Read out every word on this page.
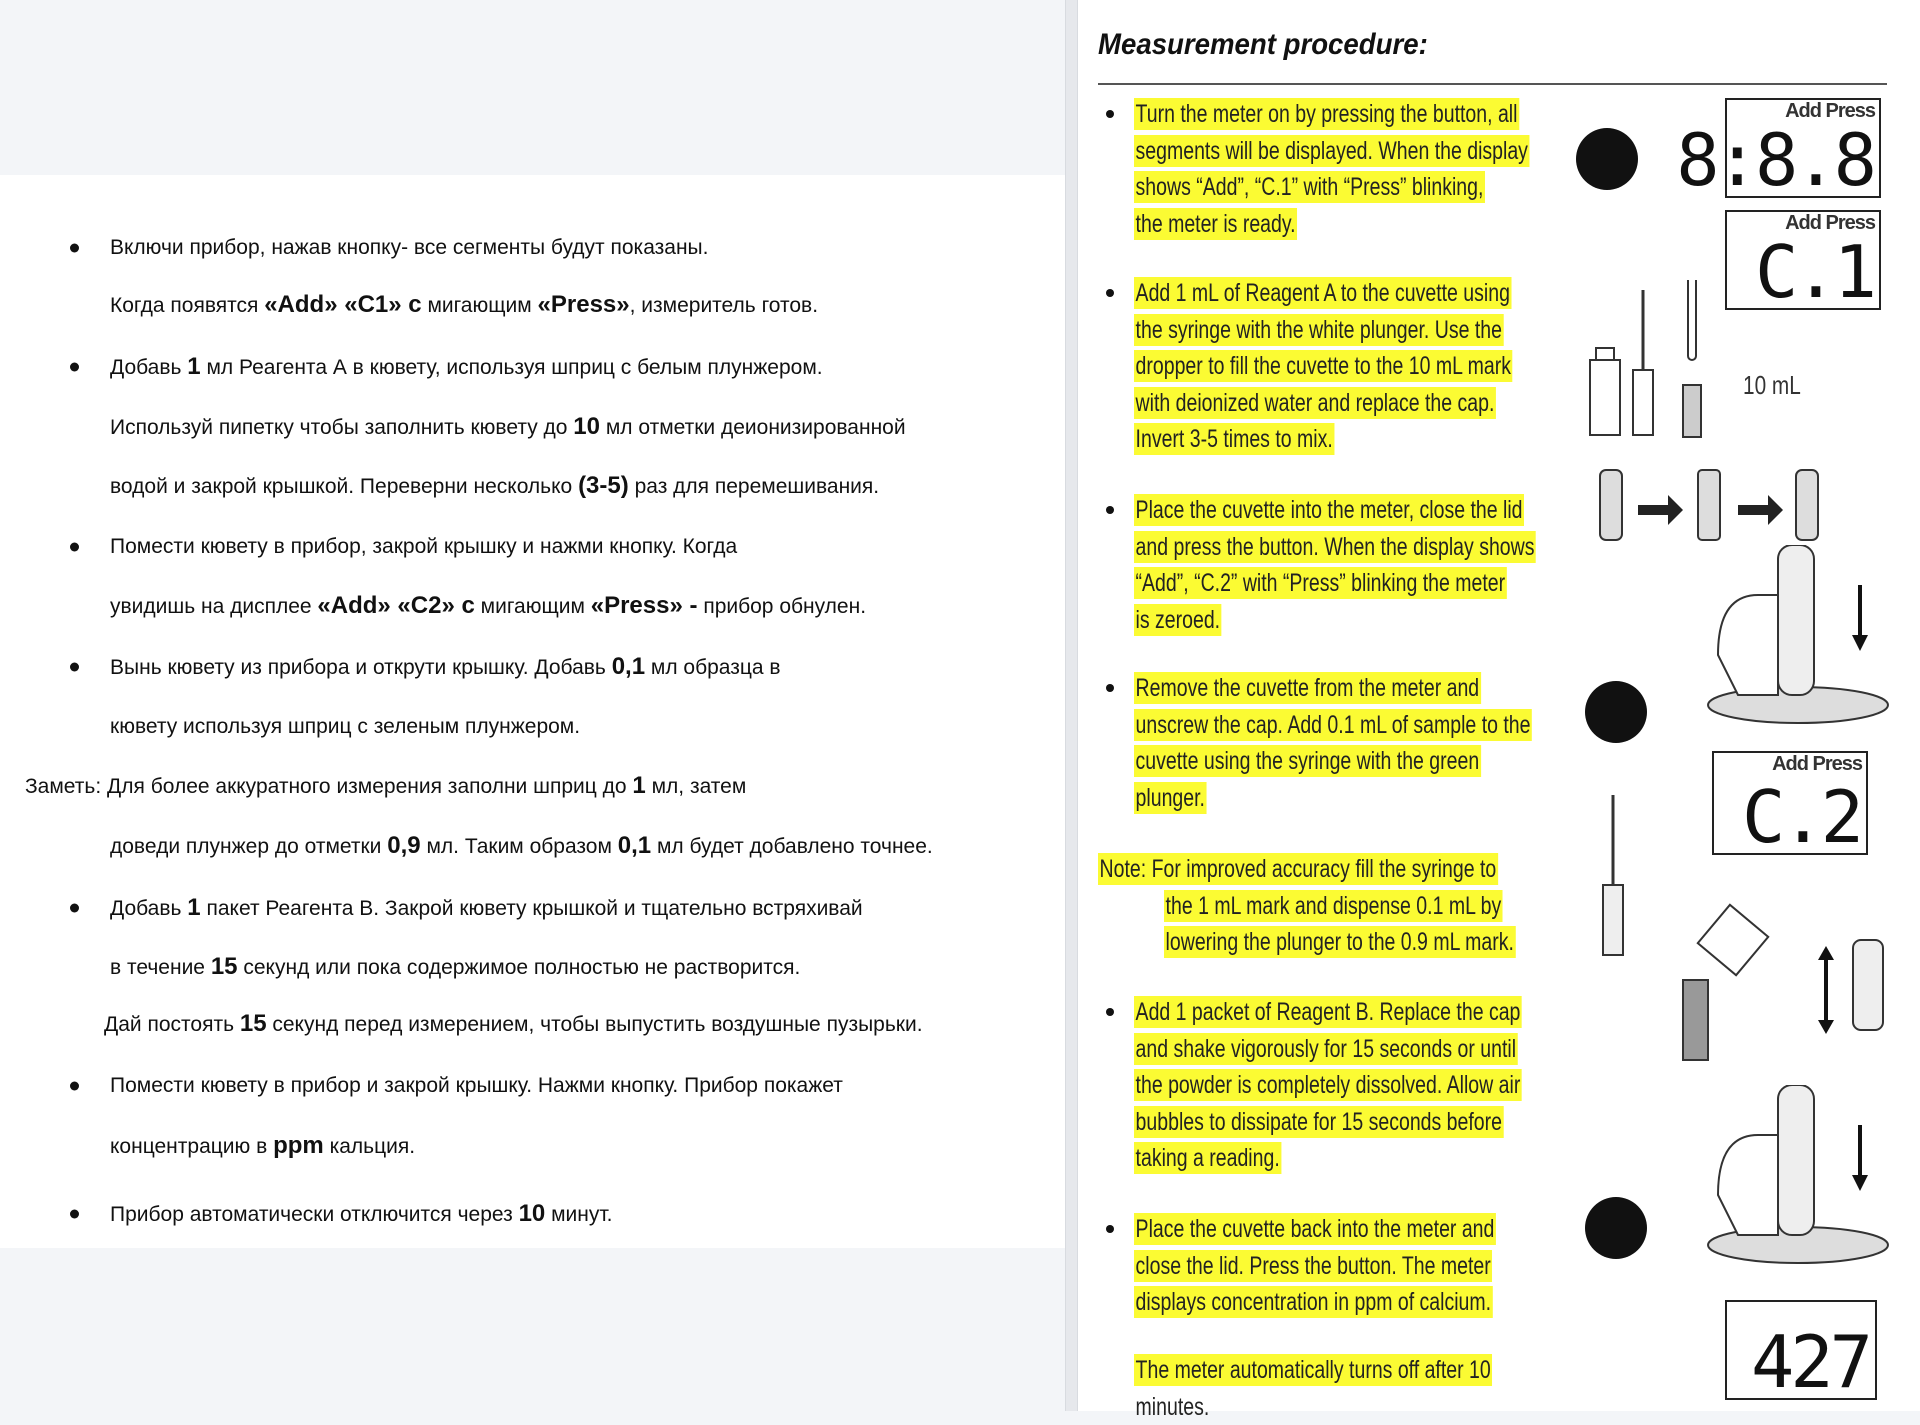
Включи прибор, нажав кнопку- все сегменты будут показаны.
Когда появятся «Add» «C1» с мигающим «Press», измеритель готов.
Добавь 1 мл Реагента А в кювету, используя шприц с белым плунжером.
Используй пипетку чтобы заполнить кювету до 10 мл отметки деионизированной
водой и закрой крышкой. Переверни несколько (3-5) раз для перемешивания.
Помести кювету в прибор, закрой крышку и нажми кнопку. Когда
увидишь на дисплее «Add» «C2» с мигающим «Press» - прибор обнулен.
Вынь кювету из прибора и открути крышку. Добавь 0,1 мл образца в
кювету используя шприц с зеленым плунжером.
Заметь: Для более аккуратного измерения заполни шприц до 1 мл, затем
доведи плунжер до отметки 0,9 мл. Таким образом 0,1 мл будет добавлено точнее.
Добавь 1 пакет Реагента В. Закрой кювету крышкой и тщательно встряхивай
в течение 15 секунд или пока содержимое полностью не растворится.
Дай постоять 15 секунд перед измерением, чтобы выпустить воздушные пузырьки.
Помести кювету в прибор и закрой крышку. Нажми кнопку. Прибор покажет
концентрацию в ppm кальция.
Прибор автоматически отключится через 10 минут.
Measurement procedure:
Turn the meter on by pressing the button, all
segments will be displayed. When the display
shows “Add”, “C.1” with “Press” blinking,
the meter is ready.
Add 1 mL of Reagent A to the cuvette using
the syringe with the white plunger. Use the
dropper to fill the cuvette to the 10 mL mark
with deionized water and replace the cap.
Invert 3-5 times to mix.
Place the cuvette into the meter, close the lid
and press the button. When the display shows
“Add”, “C.2” with “Press” blinking the meter
is zeroed.
Remove the cuvette from the meter and
unscrew the cap. Add 0.1 mL of sample to the
cuvette using the syringe with the green
plunger.
Note: For improved accuracy fill the syringe to
the 1 mL mark and dispense 0.1 mL by
lowering the plunger to the 0.9 mL mark.
Add 1 packet of Reagent B. Replace the cap
and shake vigorously for 15 seconds or until
the powder is completely dissolved. Allow air
bubbles to dissipate for 15 seconds before
taking a reading.
Place the cuvette back into the meter and
close the lid. Press the button. The meter
displays concentration in ppm of calcium.
The meter automatically turns off after 10
minutes.
Add Press
8:8.8
Add Press
C.1
Add Press
C.2
427
10 mL
